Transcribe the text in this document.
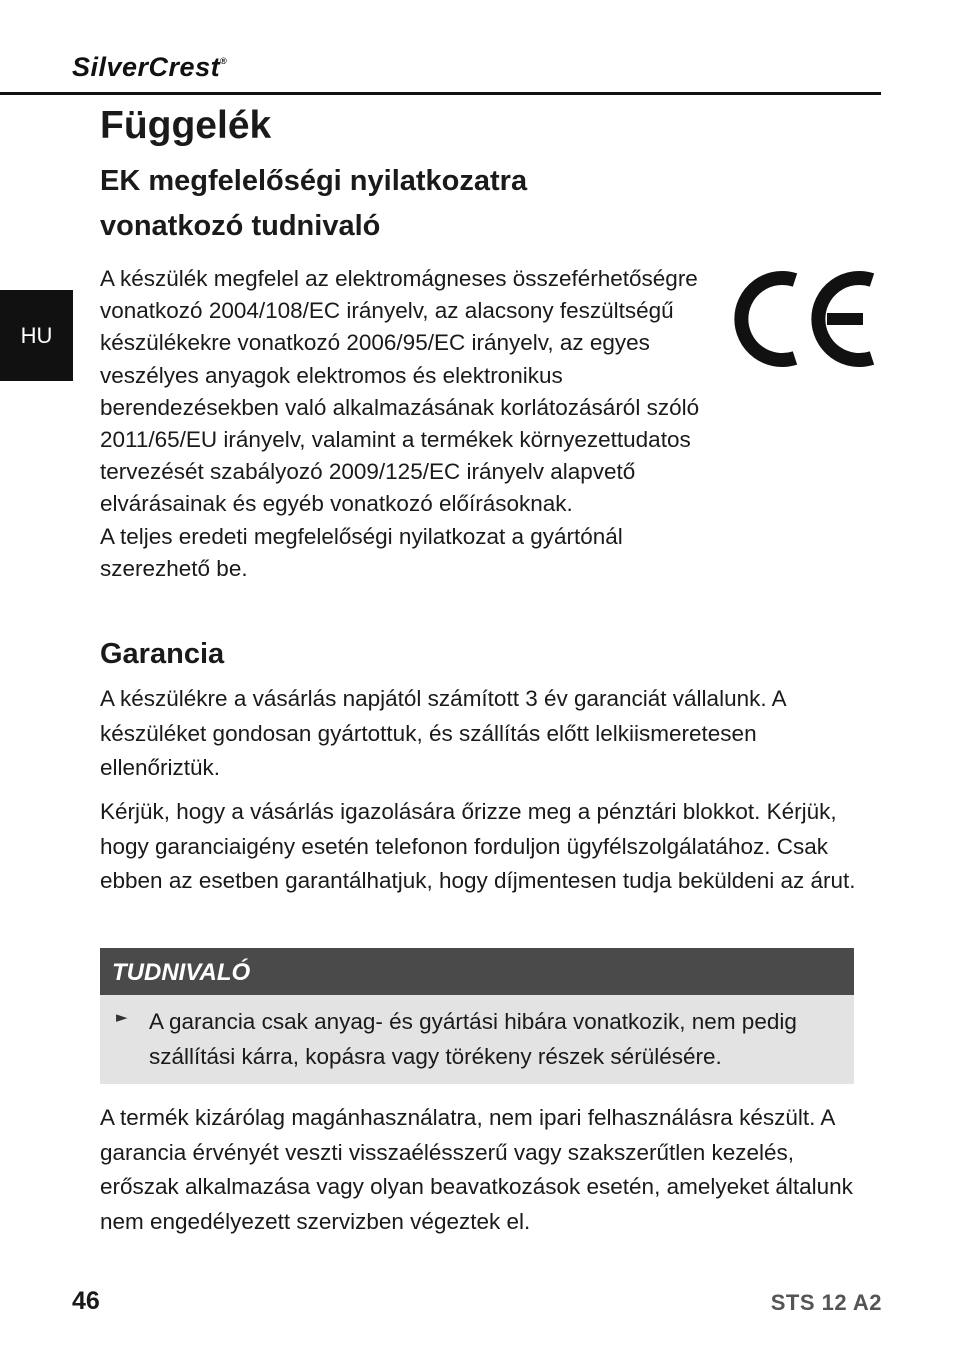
SilverCrest®
HU
Függelék
EK megfelelőségi nyilatkozatra
vonatkozó tudnivaló
A készülék megfelel az elektromágneses összeférhetőségre vonatkozó 2004/108/EC irányelv, az alacsony feszültségű készülékekre vonatkozó 2006/95/EC irányelv, az egyes veszélyes anyagok elektromos és elektronikus berendezésekben való alkalmazásának korlátozásáról szóló 2011/65/EU irányelv, valamint a termékek környezettudatos tervezését szabályozó 2009/125/EC irányelv alapvető elvárásainak és egyéb vonatkozó előírásoknak.
A teljes eredeti megfelelőségi nyilatkozat a gyártónál szerezhető be.
Garancia
A készülékre a vásárlás napjától számított 3 év garanciát vállalunk. A készüléket gondosan gyártottuk, és szállítás előtt lelkiismeretesen ellenőriztük.
Kérjük, hogy a vásárlás igazolására őrizze meg a pénztári blokkot. Kérjük, hogy garanciaigény esetén telefonon forduljon ügyfélszolgálatához. Csak ebben az esetben garantálhatjuk, hogy díjmentesen tudja beküldeni az árut.
TUDNIVALÓ
► A garancia csak anyag- és gyártási hibára vonatkozik, nem pedig szállítási kárra, kopásra vagy törékeny részek sérülésére.
A termék kizárólag magánhasználatra, nem ipari felhasználásra készült. A garancia érvényét veszti visszaélésszerű vagy szakszerűtlen kezelés, erőszak alkalmazása vagy olyan beavatkozások esetén, amelyeket általunk nem engedélyezett szervizben végeztek el.
46	STS 12 A2
